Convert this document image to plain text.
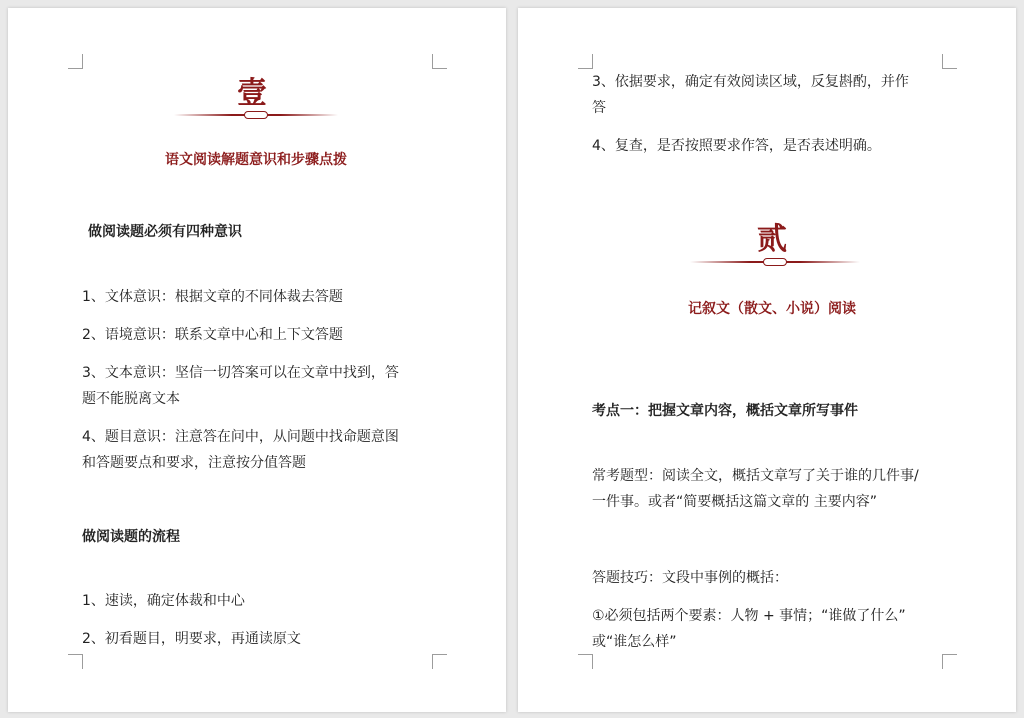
壹
语文阅读解题意识和步骤点拨
做阅读题必须有四种意识
1、文体意识：根据文章的不同体裁去答题
2、语境意识：联系文章中心和上下文答题
3、文本意识：坚信一切答案可以在文章中找到，答
题不能脱离文本
4、题目意识：注意答在问中，从问题中找命题意图
和答题要点和要求，注意按分值答题
做阅读题的流程
1、速读，确定体裁和中心
2、初看题目，明要求，再通读原文
3、依据要求，确定有效阅读区域，反复斟酌，并作
答
4、复查，是否按照要求作答，是否表述明确。
贰
记叙文（散文、小说）阅读
考点一：把握文章内容，概括文章所写事件
常考题型：阅读全文，概括文章写了关于谁的几件事/
一件事。或者“简要概括这篇文章的 主要内容”
答题技巧：文段中事例的概括：
①必须包括两个要素：人物 + 事情；“谁做了什么”
或“谁怎么样”
